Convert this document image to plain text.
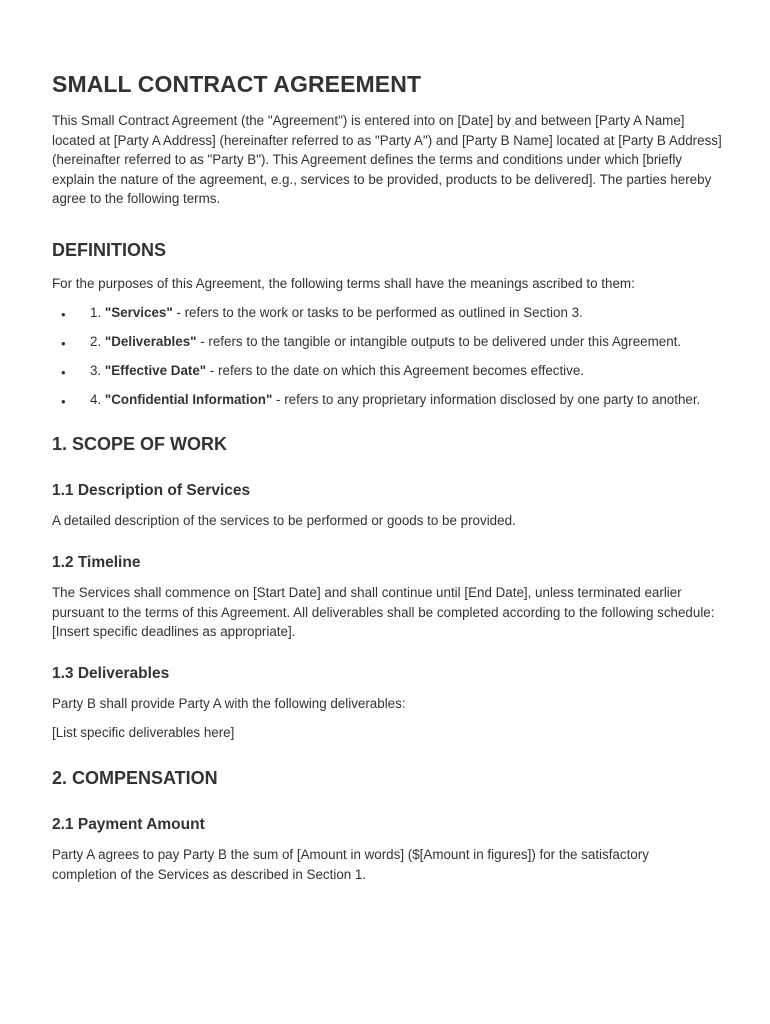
SMALL CONTRACT AGREEMENT

This Small Contract Agreement (the "Agreement") is entered into on [Date] by and between [Party A Name] located at [Party A Address] (hereinafter referred to as "Party A") and [Party B Name] located at [Party B Address] (hereinafter referred to as "Party B"). This Agreement defines the terms and conditions under which [briefly explain the nature of the agreement, e.g., services to be provided, products to be delivered]. The parties hereby agree to the following terms.

DEFINITIONS

For the purposes of this Agreement, the following terms shall have the meanings ascribed to them:

• 1. "Services" - refers to the work or tasks to be performed as outlined in Section 3.
• 2. "Deliverables" - refers to the tangible or intangible outputs to be delivered under this Agreement.
• 3. "Effective Date" - refers to the date on which this Agreement becomes effective.
• 4. "Confidential Information" - refers to any proprietary information disclosed by one party to another.
1. SCOPE OF WORK
1.1 Description of Services

A detailed description of the services to be performed or goods to be provided.

1.2 Timeline

The Services shall commence on [Start Date] and shall continue until [End Date], unless terminated earlier pursuant to the terms of this Agreement. All deliverables shall be completed according to the following schedule: [Insert specific deadlines as appropriate].

1.3 Deliverables

Party B shall provide Party A with the following deliverables:

[List specific deliverables here]

2. COMPENSATION
2.1 Payment Amount

Party A agrees to pay Party B the sum of [Amount in words] ($[Amount in figures]) for the satisfactory completion of the Services as described in Section 1.
